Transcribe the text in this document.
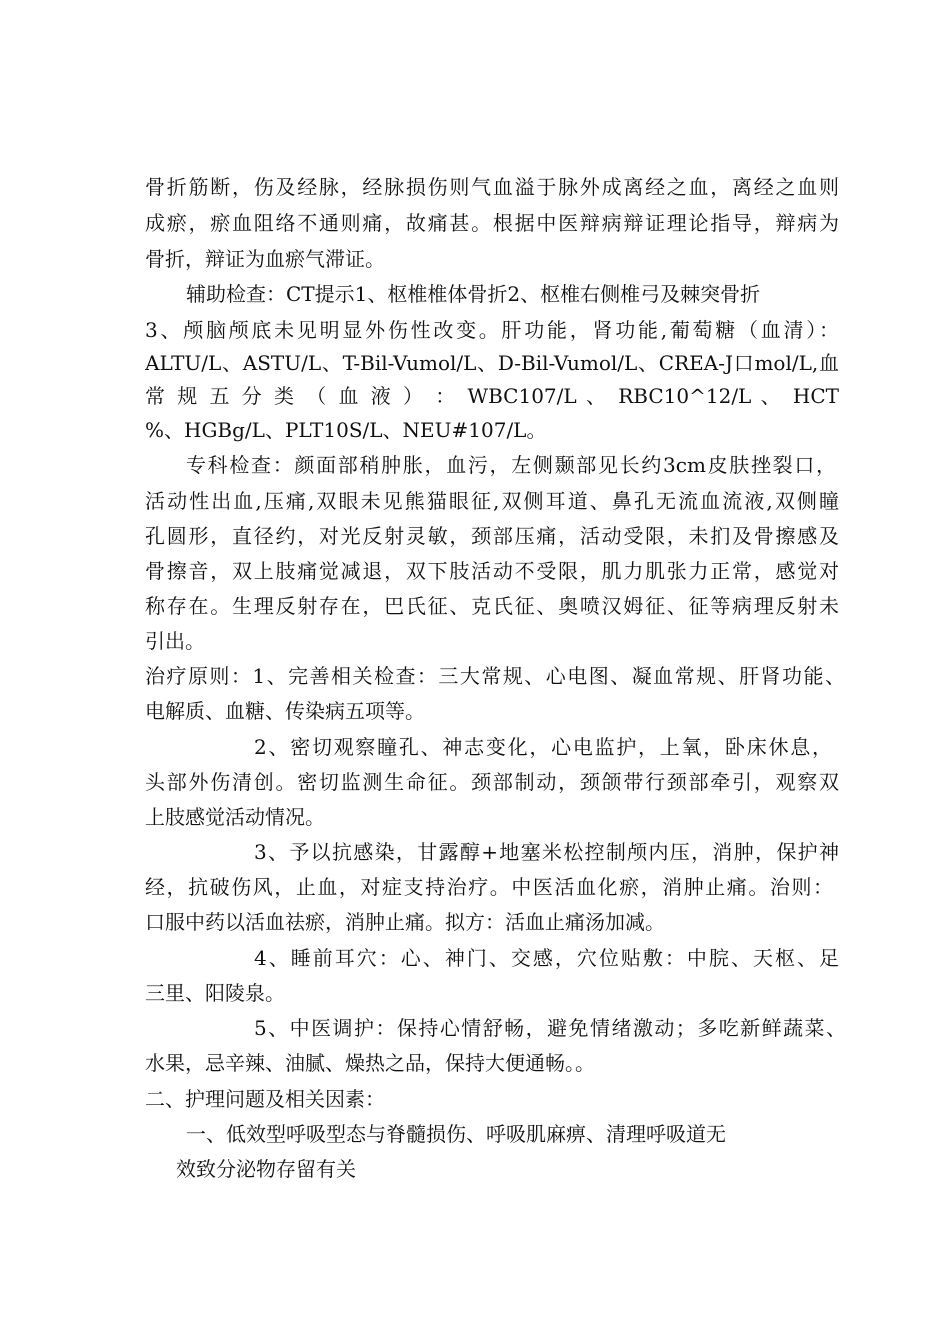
骨折筋断，伤及经脉，经脉损伤则气血溢于脉外成离经之血，离经之血则
成瘀，瘀血阻络不通则痛，故痛甚。根据中医辩病辩证理论指导，辩病为
骨折，辩证为血瘀气滞证。
辅助检查：CT提示1、枢椎椎体骨折2、枢椎右侧椎弓及棘突骨折
3、颅脑颅底未见明显外伤性改变。肝功能，肾功能,葡萄糖（血清）：
ALTU/L、ASTU/L、T-Bil-Vumol/L、D-Bil-Vumol/L、CREA-J口mol/L,血
常 规 五 分 类 （ 血 液 ） ： WBC107/L 、 RBC10^12/L 、 HCT
%、HGBg/L、PLT10S/L、NEU#107/L。
专科检查：颜面部稍肿胀，血污，左侧颞部见长约3cm皮肤挫裂口，
活动性出血,压痛,双眼未见熊猫眼征,双侧耳道、鼻孔无流血流液,双侧瞳
孔圆形，直径约，对光反射灵敏，颈部压痛，活动受限，未扪及骨擦感及
骨擦音，双上肢痛觉减退，双下肢活动不受限，肌力肌张力正常，感觉对
称存在。生理反射存在，巴氏征、克氏征、奥喷汉姆征、征等病理反射未
引出。
治疗原则：1、完善相关检查：三大常规、心电图、凝血常规、肝肾功能、
电解质、血糖、传染病五项等。
2、密切观察瞳孔、神志变化，心电监护，上氧，卧床休息，
头部外伤清创。密切监测生命征。颈部制动，颈颌带行颈部牵引，观察双
上肢感觉活动情况。
3、予以抗感染，甘露醇+地塞米松控制颅内压，消肿，保护神
经，抗破伤风，止血，对症支持治疗。中医活血化瘀，消肿止痛。治则：
口服中药以活血祛瘀，消肿止痛。拟方：活血止痛汤加减。
4、睡前耳穴：心、神门、交感，穴位贴敷：中脘、天枢、足
三里、阳陵泉。
5、中医调护：保持心情舒畅，避免情绪激动；多吃新鲜蔬菜、
水果，忌辛辣、油腻、燥热之品，保持大便通畅。。
二、护理问题及相关因素：
一、低效型呼吸型态与脊髓损伤、呼吸肌麻痹、清理呼吸道无
效致分泌物存留有关
